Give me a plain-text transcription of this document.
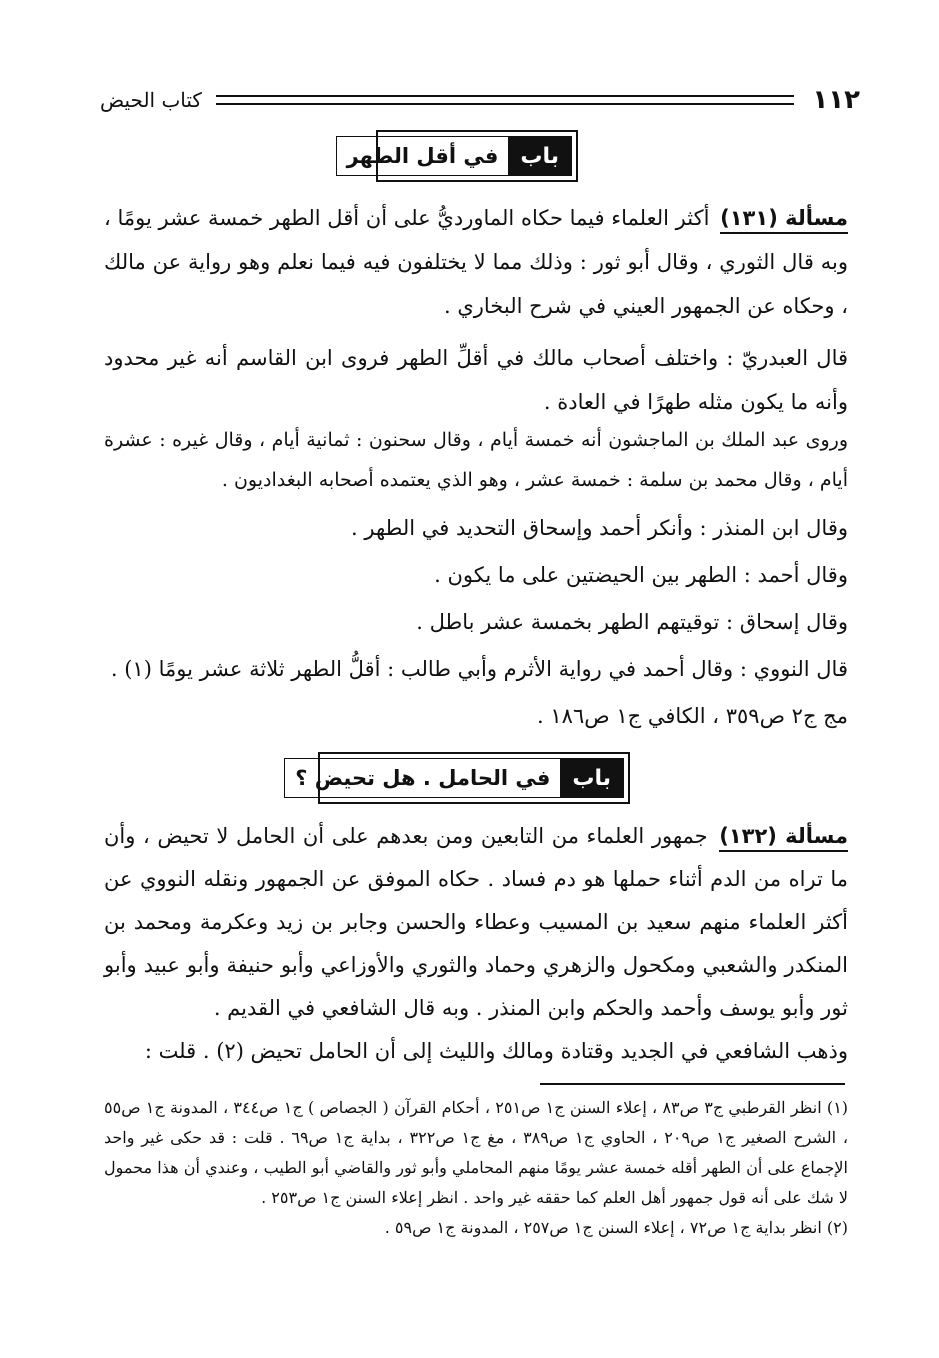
١١٢
كتاب الحيض
باب
في أقل الطهر

مسألة (١٣١) أكثر العلماء فيما حكاه الماورديُّ على أن أقل الطهر خمسة عشر يومًا ، وبه قال الثوري ، وقال أبو ثور : وذلك مما لا يختلفون فيه فيما نعلم وهو رواية عن مالك ، وحكاه عن الجمهور العيني في شرح البخاري .

قال العبدريّ : واختلف أصحاب مالك في أقلِّ الطهر فروى ابن القاسم أنه غير محدود وأنه ما يكون مثله طهرًا في العادة .

وروى عبد الملك بن الماجشون أنه خمسة أيام ، وقال سحنون : ثمانية أيام ، وقال غيره : عشرة أيام ، وقال محمد بن سلمة : خمسة عشر ، وهو الذي يعتمده أصحابه البغداديون .

وقال ابن المنذر : وأنكر أحمد وإسحاق التحديد في الطهر .

وقال أحمد : الطهر بين الحيضتين على ما يكون .

وقال إسحاق : توقيتهم الطهر بخمسة عشر باطل .

قال النووي : وقال أحمد في رواية الأثرم وأبي طالب : أقلُّ الطهر ثلاثة عشر يومًا (١) .

مج ج٢ ص٣٥٩ ، الكافي ج١ ص١٨٦ .

باب
في الحامل . هل تحيض ؟

مسألة (١٣٢) جمهور العلماء من التابعين ومن بعدهم على أن الحامل لا تحيض ، وأن ما تراه من الدم أثناء حملها هو دم فساد . حكاه الموفق عن الجمهور ونقله النووي عن أكثر العلماء منهم سعيد بن المسيب وعطاء والحسن وجابر بن زيد وعكرمة ومحمد بن المنكدر والشعبي ومكحول والزهري وحماد والثوري والأوزاعي وأبو حنيفة وأبو عبيد وأبو ثور وأبو يوسف وأحمد والحكم وابن المنذر . وبه قال الشافعي في القديم .

وذهب الشافعي في الجديد وقتادة ومالك والليث إلى أن الحامل تحيض (٢) . قلت :

(١) انظر القرطبي ج٣ ص٨٣ ، إعلاء السنن ج١ ص٢٥١ ، أحكام القرآن ( الجصاص ) ج١ ص٣٤٤ ، المدونة ج١ ص٥٥ ، الشرح الصغير ج١ ص٢٠٩ ، الحاوي ج١ ص٣٨٩ ، مغ ج١ ص٣٢٢ ، بداية ج١ ص٦٩ . قلت : قد حكى غير واحد الإجماع على أن الطهر أقله خمسة عشر يومًا منهم المحاملي وأبو ثور والقاضي أبو الطيب ، وعندي أن هذا محمول لا شك على أنه قول جمهور أهل العلم كما حققه غير واحد . انظر إعلاء السنن ج١ ص٢٥٣ .

(٢) انظر بداية ج١ ص٧٢ ، إعلاء السنن ج١ ص٢٥٧ ، المدونة ج١ ص٥٩ .
